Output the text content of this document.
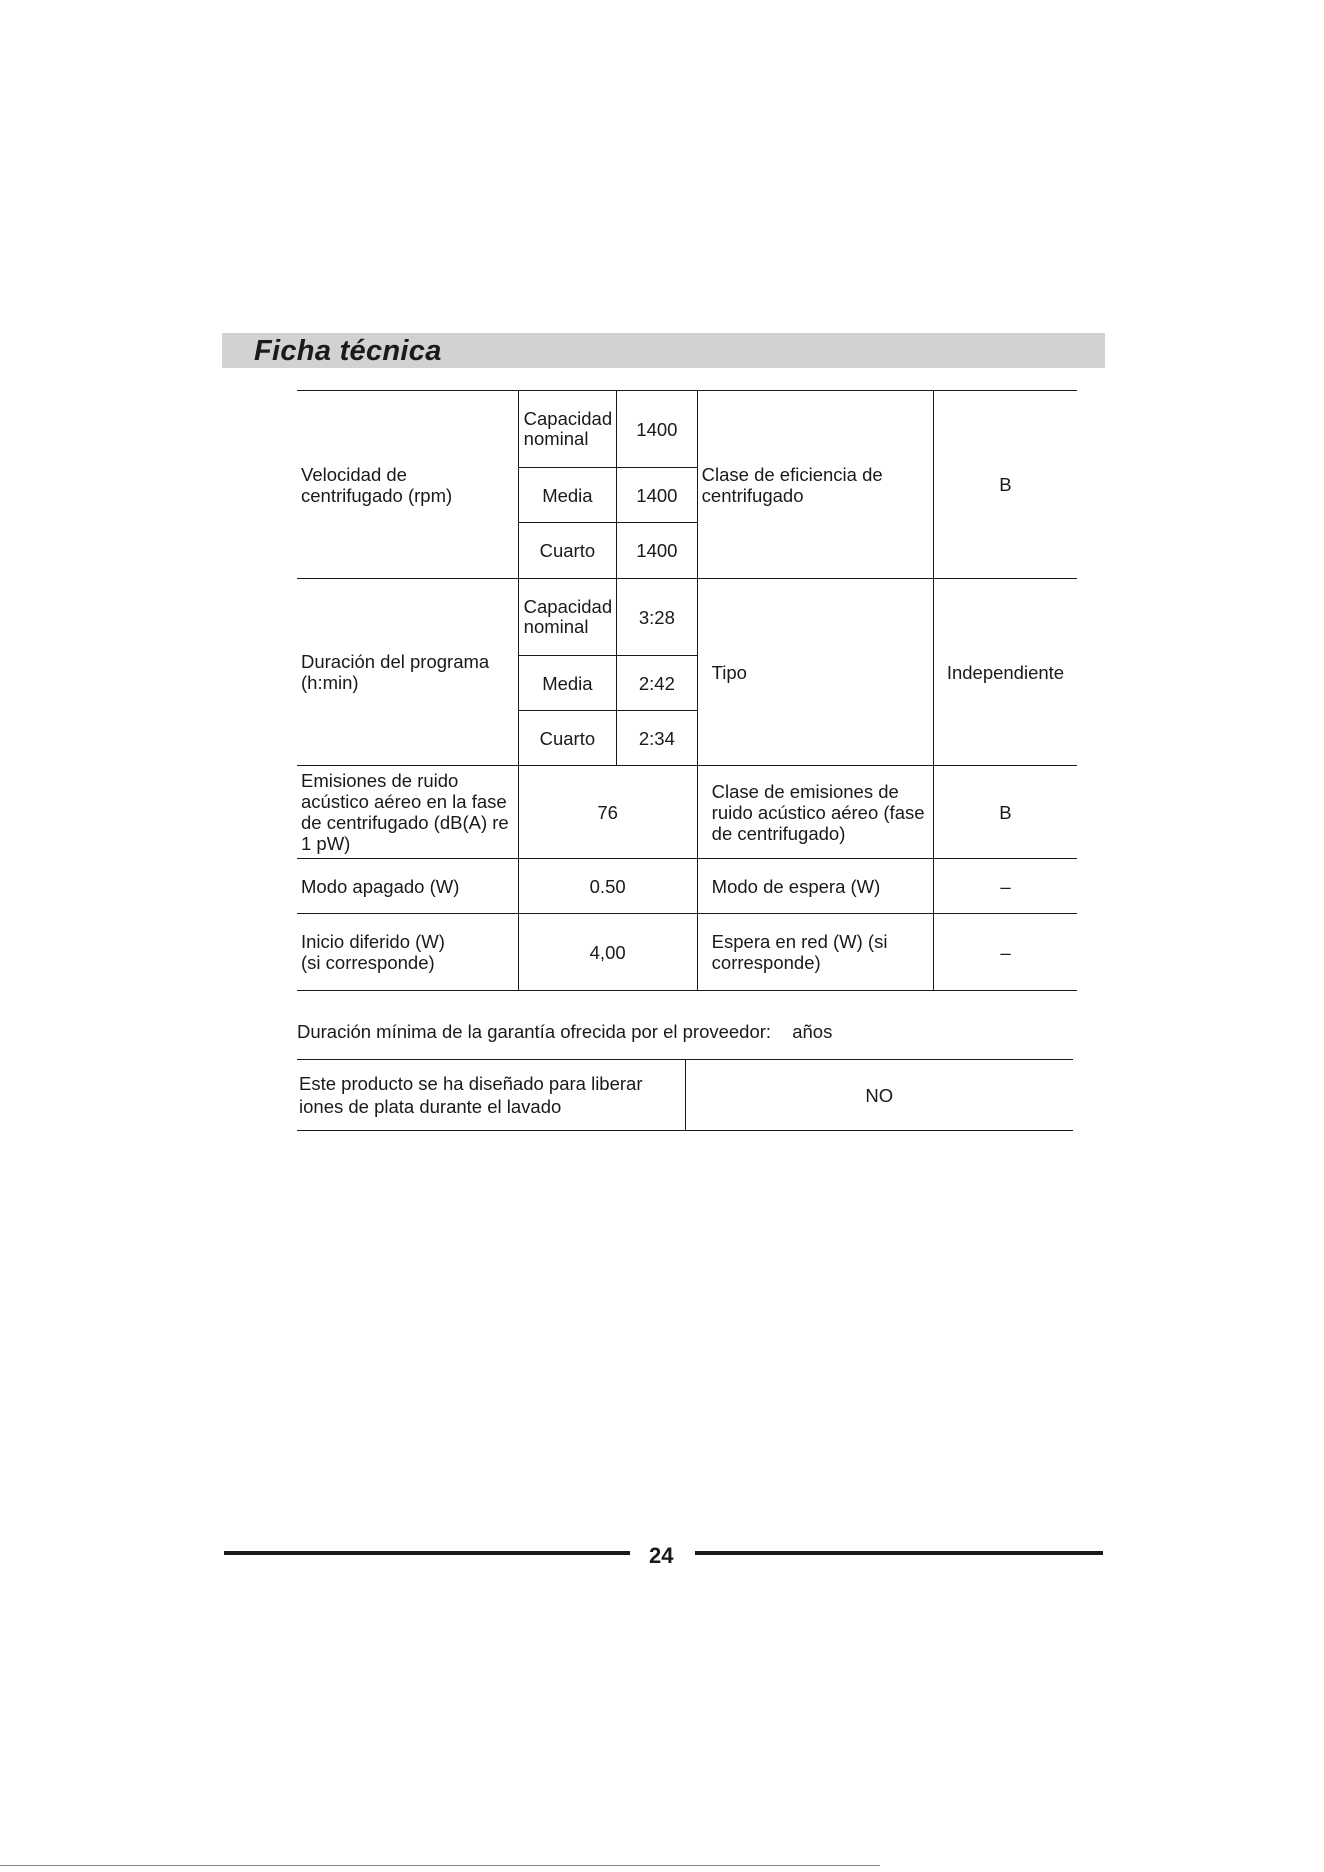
Ficha técnica
Velocidad de centrifugado (rpm)	Capacidad nominal	1400	Clase de eficiencia de centrifugado	B
	Media	1400		
	Cuarto	1400		
Duración del programa (h:min)	Capacidad nominal	3:28	Tipo	Independiente
	Media	2:42		
	Cuarto	2:34		
Emisiones de ruido acústico aéreo en la fase de centrifugado (dB(A) re 1 pW)	76		Clase de emisiones de ruido acústico aéreo (fase de centrifugado)	B
Modo apagado (W)	0.50		Modo de espera (W)	–
Inicio diferido (W) (si corresponde)	4,00		Espera en red (W) (si corresponde)	–
Duración mínima de la garantía ofrecida por el proveedor: años
Este producto se ha diseñado para liberar iones de plata durante el lavado	NO
24
